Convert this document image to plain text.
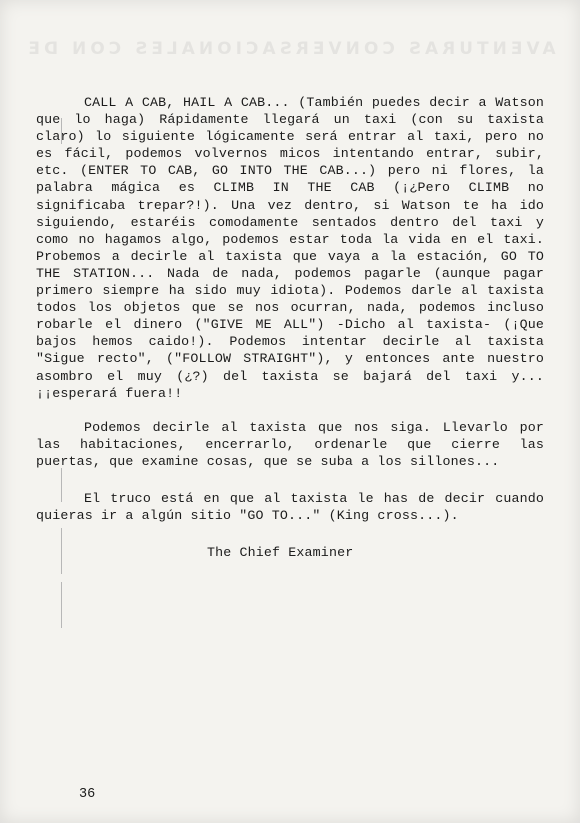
AVENTURAS CONVERSACIONALES CON DE

CALL A CAB, HAIL A CAB... (También puedes decir a Watson que lo haga) Rápidamente llegará un taxi (con su taxista claro) lo siguiente lógicamente será entrar al taxi, pero no es fácil, podemos volvernos micos intentando entrar, subir, etc. (ENTER TO CAB, GO INTO THE CAB...) pero ni flores, la palabra mágica es CLIMB IN THE CAB (¡¿Pero CLIMB no significaba trepar?!). Una vez dentro, si Watson te ha ido siguiendo, estaréis comodamente sentados dentro del taxi y como no hagamos algo, podemos estar toda la vida en el taxi. Probemos a decirle al taxista que vaya a la estación, GO TO THE STATION... Nada de nada, podemos pagarle (aunque pagar primero siempre ha sido muy idiota). Podemos darle al taxista todos los objetos que se nos ocurran, nada, podemos incluso robarle el dinero ("GIVE ME ALL") -Dicho al taxista- (¡Que bajos hemos caido!). Podemos intentar decirle al taxista "Sigue recto", ("FOLLOW STRAIGHT"), y entonces ante nuestro asombro el muy (¿?) del taxista se bajará del taxi y... ¡¡esperará fuera!!

Podemos decirle al taxista que nos siga. Llevarlo por las habitaciones, encerrarlo, ordenarle que cierre las puertas, que examine cosas, que se suba a los sillones...

El truco está en que al taxista le has de decir cuando quieras ir a algún sitio "GO TO..." (King cross...).

The Chief Examiner

36
